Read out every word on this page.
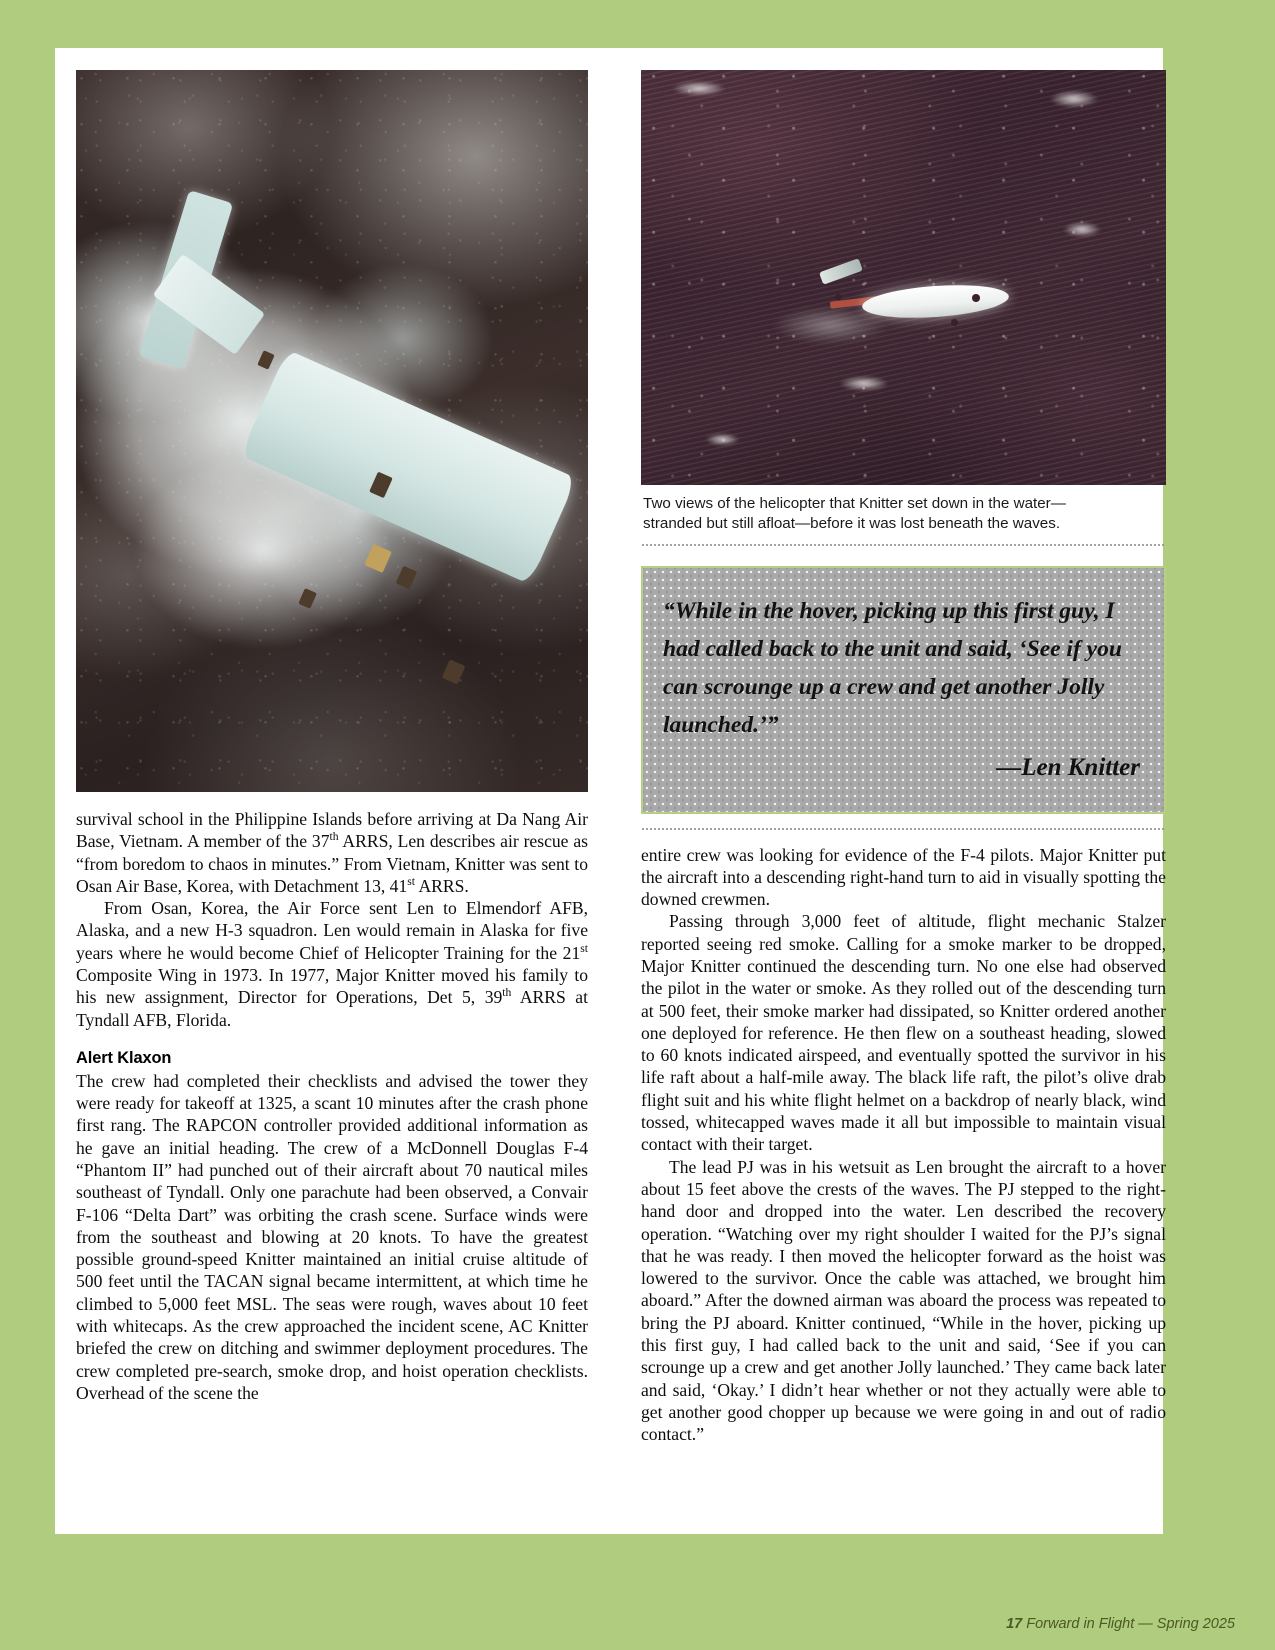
survival school in the Philippine Islands before arriving at Da Nang Air Base, Vietnam. A member of the 37th ARRS, Len describes air rescue as “from boredom to chaos in minutes.” From Vietnam, Knitter was sent to Osan Air Base, Korea, with Detachment 13, 41st ARRS.

From Osan, Korea, the Air Force sent Len to Elmendorf AFB, Alaska, and a new H-3 squadron. Len would remain in Alaska for five years where he would become Chief of Helicopter Training for the 21st Composite Wing in 1973. In 1977, Major Knitter moved his family to his new assignment, Director for Operations, Det 5, 39th ARRS at Tyndall AFB, Florida.

Alert Klaxon

The crew had completed their checklists and advised the tower they were ready for takeoff at 1325, a scant 10 minutes after the crash phone first rang. The RAPCON controller provided additional information as he gave an initial heading. The crew of a McDonnell Douglas F-4 “Phantom II” had punched out of their aircraft about 70 nautical miles southeast of Tyndall. Only one parachute had been observed, a Convair F-106 “Delta Dart” was orbiting the crash scene. Surface winds were from the southeast and blowing at 20 knots. To have the greatest possible ground-speed Knitter maintained an initial cruise altitude of 500 feet until the TACAN signal became intermittent, at which time he climbed to 5,000 feet MSL. The seas were rough, waves about 10 feet with whitecaps. As the crew approached the incident scene, AC Knitter briefed the crew on ditching and swimmer deployment procedures. The crew completed pre-search, smoke drop, and hoist operation checklists. Overhead of the scene the

Two views of the helicopter that Knitter set down in the water—
stranded but still afloat—before it was lost beneath the waves.

“While in the hover, picking up this first guy, I had called back to the unit and said, ‘See if you can scrounge up a crew and get another Jolly launched.’”

—Len Knitter

entire crew was looking for evidence of the F-4 pilots. Major Knitter put the aircraft into a descending right-hand turn to aid in visually spotting the downed crewmen.

Passing through 3,000 feet of altitude, flight mechanic Stalzer reported seeing red smoke. Calling for a smoke marker to be dropped, Major Knitter continued the descending turn. No one else had observed the pilot in the water or smoke. As they rolled out of the descending turn at 500 feet, their smoke marker had dissipated, so Knitter ordered another one deployed for reference. He then flew on a southeast heading, slowed to 60 knots indicated airspeed, and eventually spotted the survivor in his life raft about a half-mile away. The black life raft, the pilot’s olive drab flight suit and his white flight helmet on a backdrop of nearly black, wind tossed, whitecapped waves made it all but impossible to maintain visual contact with their target.

The lead PJ was in his wetsuit as Len brought the aircraft to a hover about 15 feet above the crests of the waves. The PJ stepped to the right-hand door and dropped into the water. Len described the recovery operation. “Watching over my right shoulder I waited for the PJ’s signal that he was ready. I then moved the helicopter forward as the hoist was lowered to the survivor. Once the cable was attached, we brought him aboard.” After the downed airman was aboard the process was repeated to bring the PJ aboard. Knitter continued, “While in the hover, picking up this first guy, I had called back to the unit and said, ‘See if you can scrounge up a crew and get another Jolly launched.’ They came back later and said, ‘Okay.’ I didn’t hear whether or not they actually were able to get another good chopper up because we were going in and out of radio contact.”

17 Forward in Flight — Spring 2025
